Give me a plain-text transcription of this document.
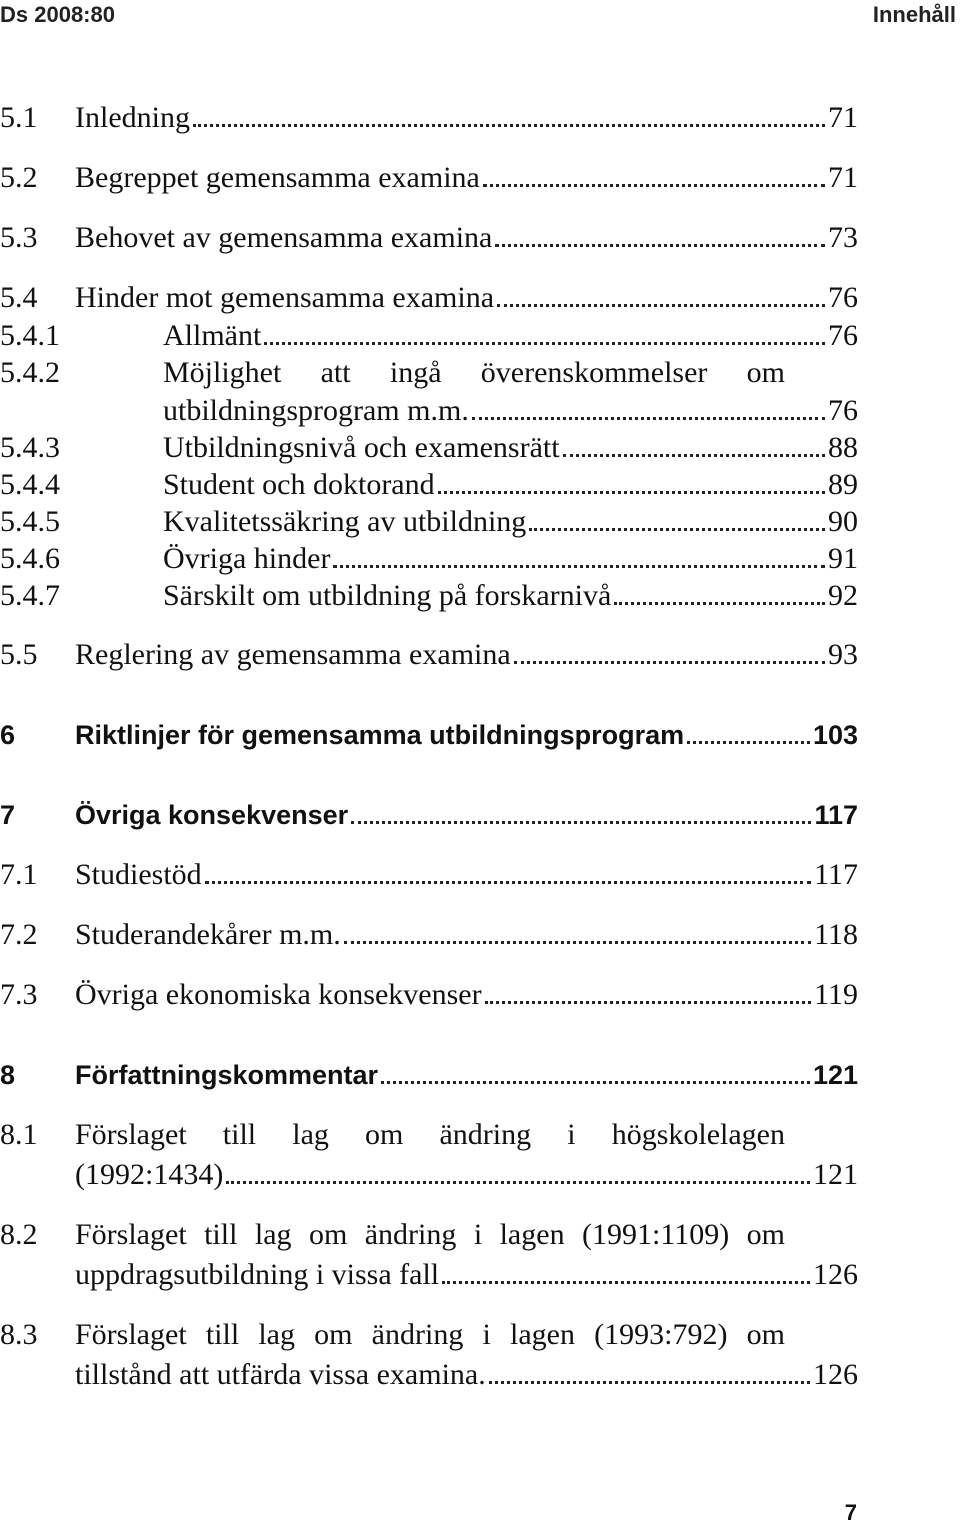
Ds 2008:80	Innehåll
5.1	Inledning	71
5.2	Begreppet gemensamma examina	71
5.3	Behovet av gemensamma examina	73
5.4	Hinder mot gemensamma examina	76
5.4.1	Allmänt	76
5.4.2	Möjlighet att ingå överenskommelser om
utbildningsprogram m.m.	76
5.4.3	Utbildningsnivå och examensrätt	88
5.4.4	Student och doktorand	89
5.4.5	Kvalitetssäkring av utbildning	90
5.4.6	Övriga hinder	91
5.4.7	Särskilt om utbildning på forskarnivå	92
5.5	Reglering av gemensamma examina	93
6	Riktlinjer för gemensamma utbildningsprogram	103
7	Övriga konsekvenser	117
7.1	Studiestöd	117
7.2	Studerandekårer m.m.	118
7.3	Övriga ekonomiska konsekvenser	119
8	Författningskommentar	121
8.1	Förslaget till lag om ändring i högskolelagen
(1992:1434)	121
8.2	Förslaget till lag om ändring i lagen (1991:1109) om
uppdragsutbildning i vissa fall	126
8.3	Förslaget till lag om ändring i lagen (1993:792) om
tillstånd att utfärda vissa examina.	126
7
